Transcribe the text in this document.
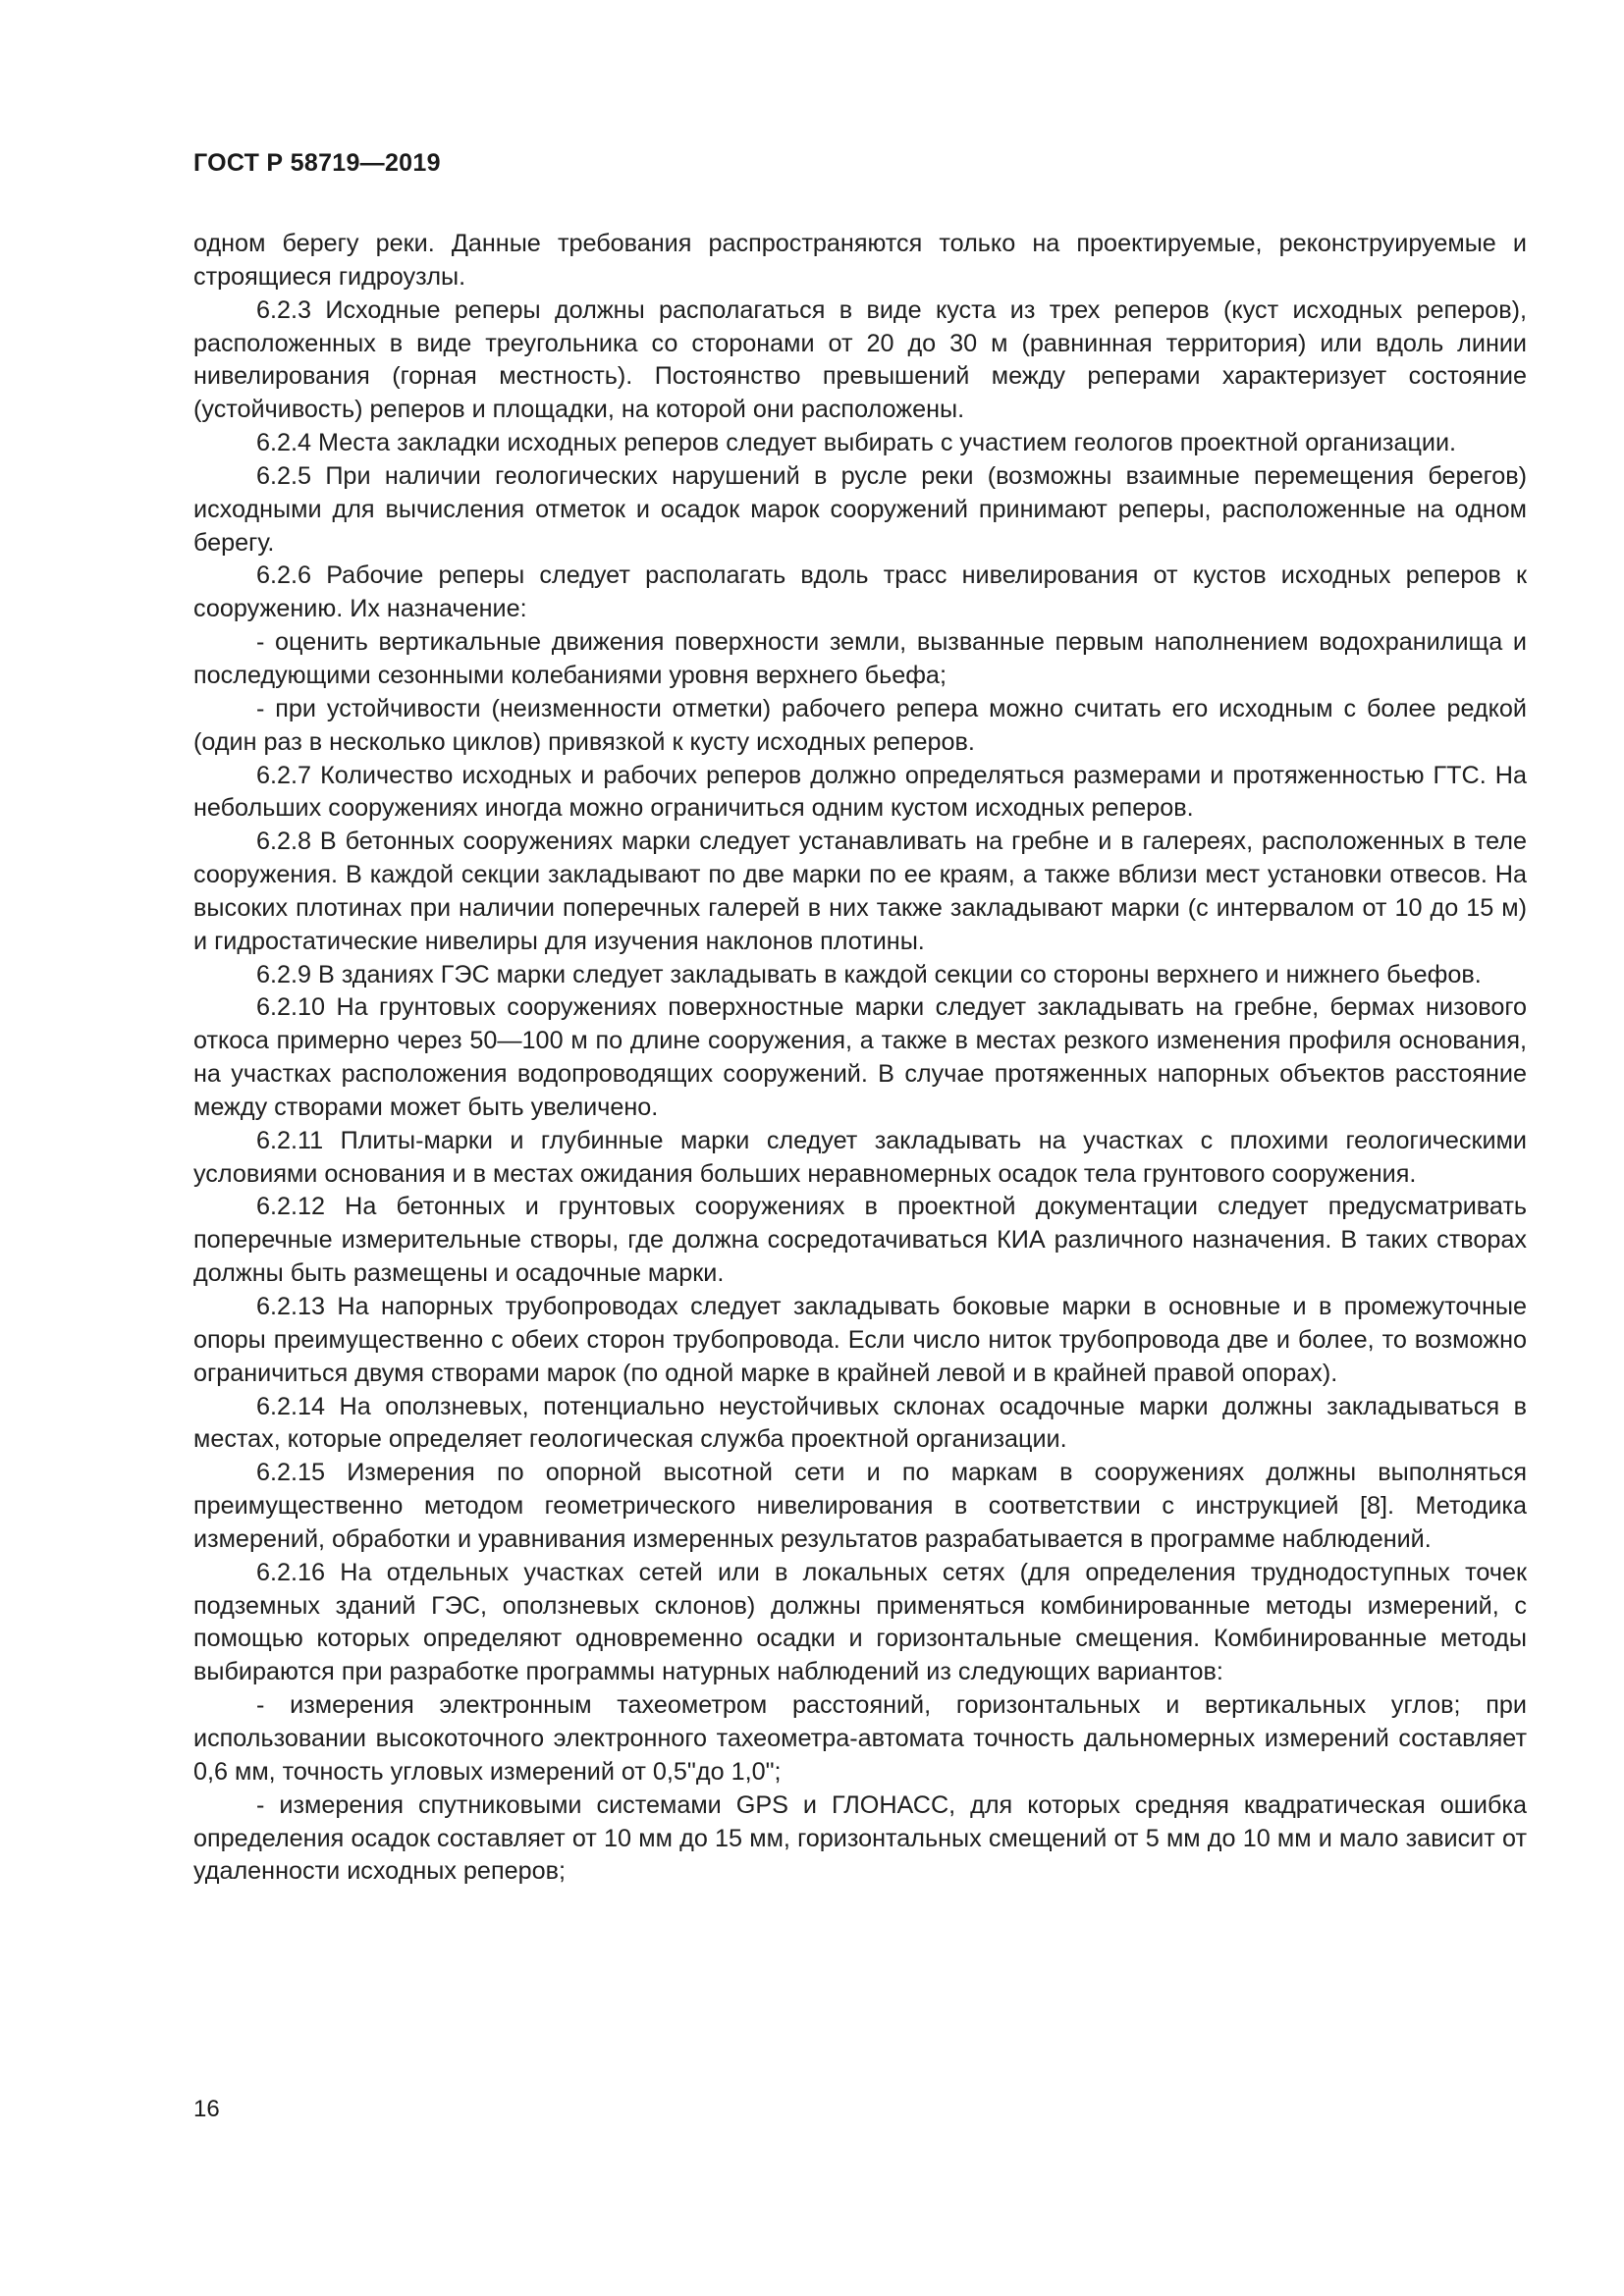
ГОСТ Р 58719—2019

одном берегу реки. Данные требования распространяются только на проектируемые, реконструируемые и строящиеся гидроузлы.

6.2.3 Исходные реперы должны располагаться в виде куста из трех реперов (куст исходных реперов), расположенных в виде треугольника со сторонами от 20 до 30 м (равнинная территория) или вдоль линии нивелирования (горная местность). Постоянство превышений между реперами характеризует состояние (устойчивость) реперов и площадки, на которой они расположены.

6.2.4 Места закладки исходных реперов следует выбирать с участием геологов проектной организации.

6.2.5 При наличии геологических нарушений в русле реки (возможны взаимные перемещения берегов) исходными для вычисления отметок и осадок марок сооружений принимают реперы, расположенные на одном берегу.

6.2.6 Рабочие реперы следует располагать вдоль трасс нивелирования от кустов исходных реперов к сооружению. Их назначение:

- оценить вертикальные движения поверхности земли, вызванные первым наполнением водохранилища и последующими сезонными колебаниями уровня верхнего бьефа;

- при устойчивости (неизменности отметки) рабочего репера можно считать его исходным с более редкой (один раз в несколько циклов) привязкой к кусту исходных реперов.

6.2.7 Количество исходных и рабочих реперов должно определяться размерами и протяженностью ГТС. На небольших сооружениях иногда можно ограничиться одним кустом исходных реперов.

6.2.8 В бетонных сооружениях марки следует устанавливать на гребне и в галереях, расположенных в теле сооружения. В каждой секции закладывают по две марки по ее краям, а также вблизи мест установки отвесов. На высоких плотинах при наличии поперечных галерей в них также закладывают марки (с интервалом от 10 до 15 м) и гидростатические нивелиры для изучения наклонов плотины.

6.2.9 В зданиях ГЭС марки следует закладывать в каждой секции со стороны верхнего и нижнего бьефов.

6.2.10 На грунтовых сооружениях поверхностные марки следует закладывать на гребне, бермах низового откоса примерно через 50—100 м по длине сооружения, а также в местах резкого изменения профиля основания, на участках расположения водопроводящих сооружений. В случае протяженных напорных объектов расстояние между створами может быть увеличено.

6.2.11 Плиты-марки и глубинные марки следует закладывать на участках с плохими геологическими условиями основания и в местах ожидания больших неравномерных осадок тела грунтового сооружения.

6.2.12 На бетонных и грунтовых сооружениях в проектной документации следует предусматривать поперечные измерительные створы, где должна сосредотачиваться КИА различного назначения. В таких створах должны быть размещены и осадочные марки.

6.2.13 На напорных трубопроводах следует закладывать боковые марки в основные и в промежуточные опоры преимущественно с обеих сторон трубопровода. Если число ниток трубопровода две и более, то возможно ограничиться двумя створами марок (по одной марке в крайней левой и в крайней правой опорах).

6.2.14 На оползневых, потенциально неустойчивых склонах осадочные марки должны закладываться в местах, которые определяет геологическая служба проектной организации.

6.2.15 Измерения по опорной высотной сети и по маркам в сооружениях должны выполняться преимущественно методом геометрического нивелирования в соответствии с инструкцией [8]. Методика измерений, обработки и уравнивания измеренных результатов разрабатывается в программе наблюдений.

6.2.16 На отдельных участках сетей или в локальных сетях (для определения труднодоступных точек подземных зданий ГЭС, оползневых склонов) должны применяться комбинированные методы измерений, с помощью которых определяют одновременно осадки и горизонтальные смещения. Комбинированные методы выбираются при разработке программы натурных наблюдений из следующих вариантов:

- измерения электронным тахеометром расстояний, горизонтальных и вертикальных углов; при использовании высокоточного электронного тахеометра-автомата точность дальномерных измерений составляет 0,6 мм, точность угловых измерений от 0,5"до 1,0";

- измерения спутниковыми системами GPS и ГЛОНАСС, для которых средняя квадратическая ошибка определения осадок составляет от 10 мм до 15 мм, горизонтальных смещений от 5 мм до 10 мм и мало зависит от удаленности исходных реперов;

16
